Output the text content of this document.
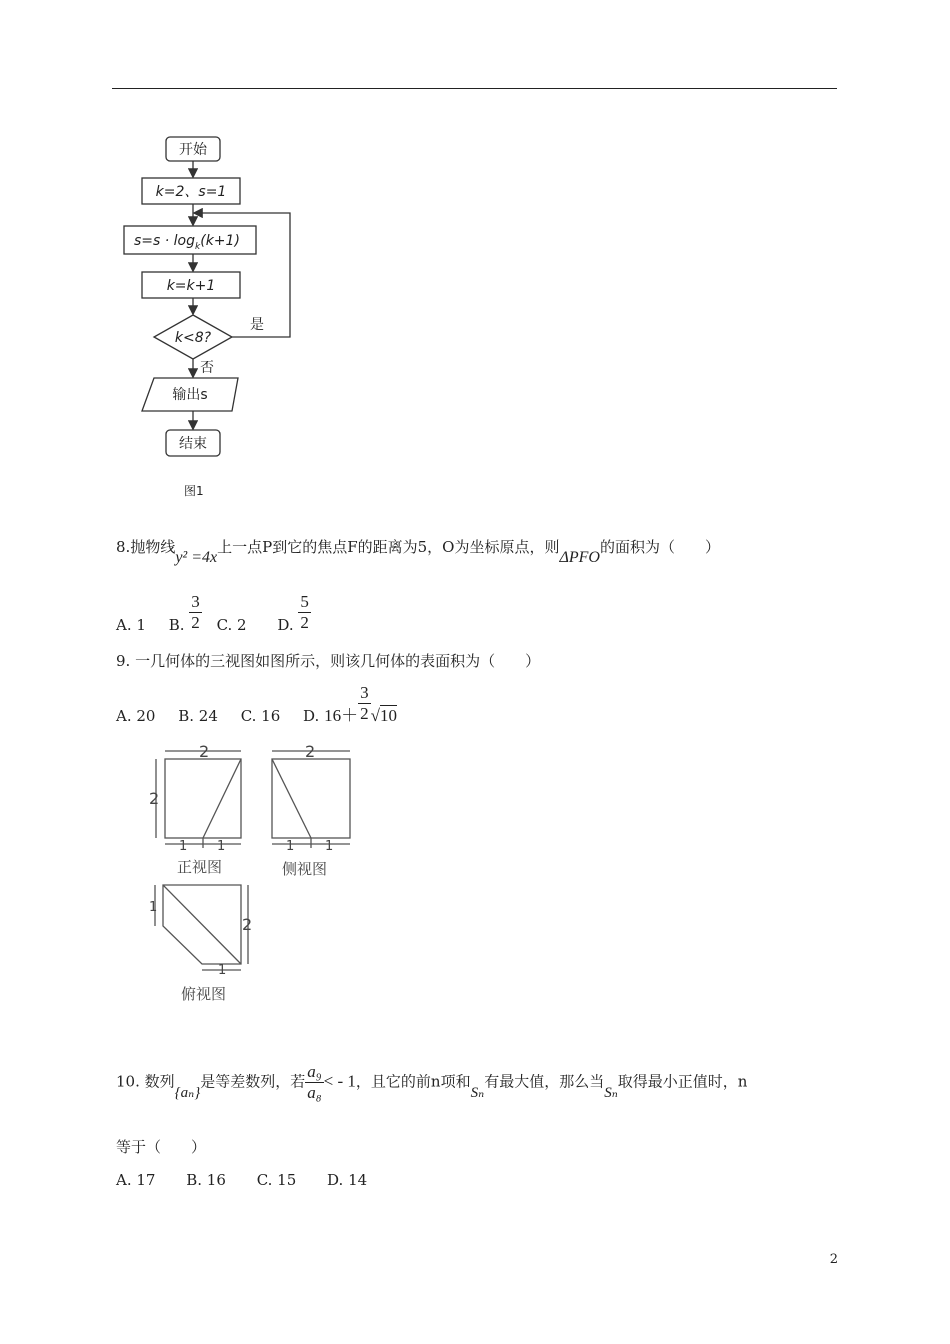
开始
k=2、s=1
$s=s \cdot \log_k(k+1)$
k=k+1
k<8?
是
否
输出s
结束
图1
8.抛物线y² =4x上一点P到它的焦点F的距离为5，O为坐标原点，则ΔPFO的面积为（　　）
A. 1 B. $\frac{3}{2} C$. 2 D. $\frac{5}{2}$
9. 一几何体的三视图如图所示，则该几何体的表面积为（　　）
A. 20 B. 24 C. 16 D. $16+ \frac{3}{2} √10$
2
2
1 1
正视图
2
1 1
侧视图
1
2
1
俯视图
10. 数列{aₙ}是等差数列，若 $\frac{\text{a₉}}{\text{a₈}}$ < - 1，且它的前n项和Sₙ有最大值，那么当Sₙ取得最小正值时，n
等于（　　）
A. 17 B. 16 C. 15 D. 14
2
